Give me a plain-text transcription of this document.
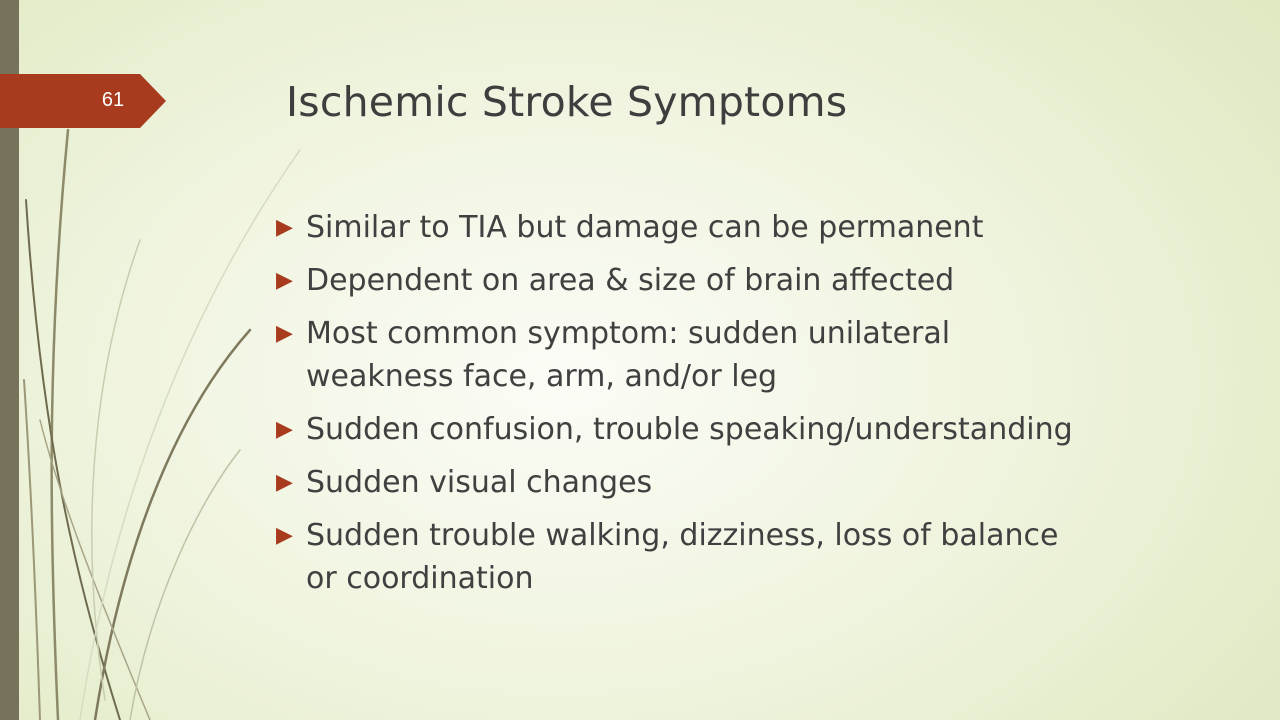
61	Ischemic Stroke Symptoms
▶ Similar to TIA but damage can be permanent
▶ Dependent on area & size of brain affected
▶ Most common symptom: sudden unilateral
weakness face, arm, and/or leg
▶ Sudden confusion, trouble speaking/understanding
▶ Sudden visual changes
▶ Sudden trouble walking, dizziness, loss of balance
or coordination
